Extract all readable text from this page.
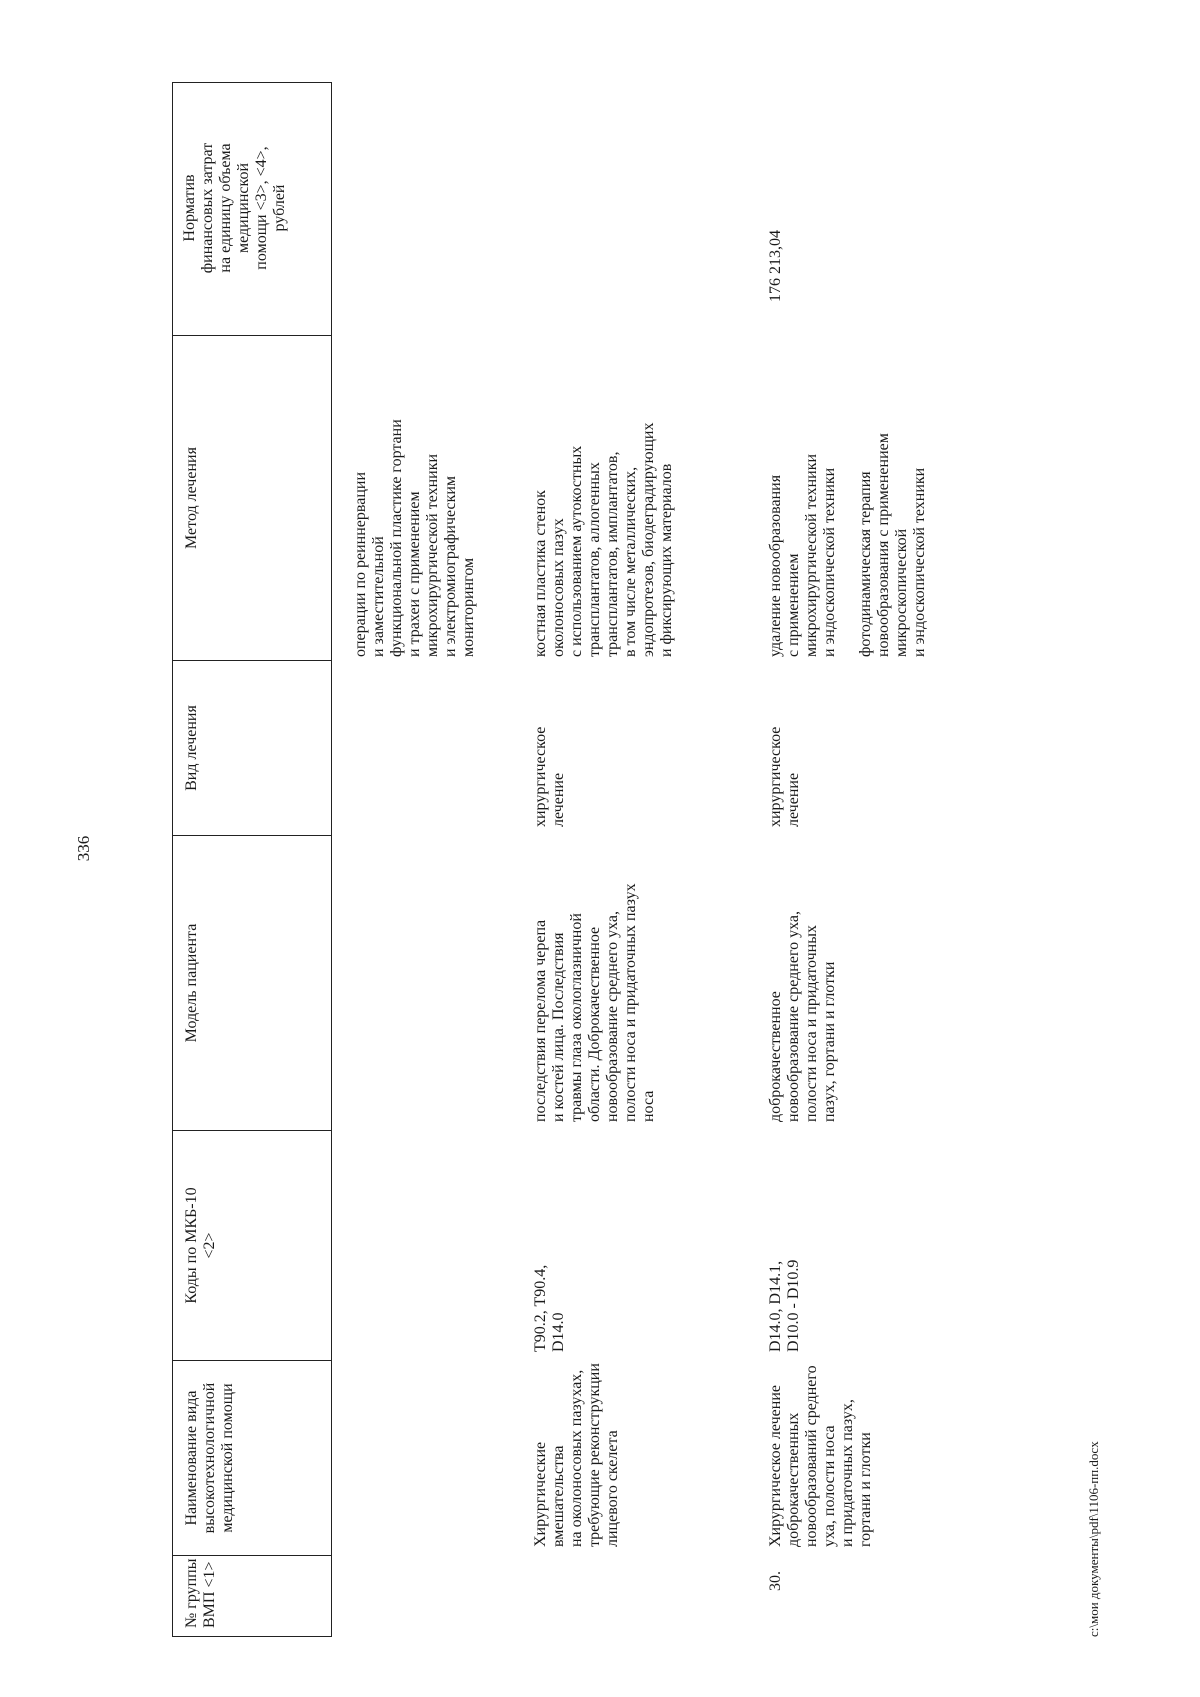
336
№ группы
ВМП <1>
Наименование вида
высокотехнологичной
медицинской помощи
Коды по МКБ-10
<2>
Модель пациента
Вид лечения
Метод лечения
Норматив
финансовых затрат
на единицу объема
медицинской
помощи <3>, <4>,
рублей
операции по реиннервации
и заместительной
функциональной пластике гортани
и трахеи с применением
микрохирургической техники
и электромиографическим
мониторингом
Хирургические
вмешательства
на околоносовых пазухах,
требующие реконструкции
лицевого скелета
T90.2, T90.4,
D14.0
последствия перелома черепа
и костей лица. Последствия
травмы глаза окологлазничной
области. Доброкачественное
новообразование среднего уха,
полости носа и придаточных пазух
носа
хирургическое
лечение
костная пластика стенок
околоносовых пазух
с использованием аутокостных
трансплантатов, аллогенных
трансплантатов, имплантатов,
в том числе металлических,
эндопротезов, биодеградирующих
и фиксирующих материалов
30.
Хирургическое лечение
доброкачественных
новообразований среднего
уха, полости носа
и придаточных пазух,
гортани и глотки
D14.0, D14.1,
D10.0 - D10.9
доброкачественное
новообразование среднего уха,
полости носа и придаточных
пазух, гортани и глотки
хирургическое
лечение
удаление новообразования
с применением
микрохирургической техники
и эндоскопической техники

фотодинамическая терапия
новообразования с применением
микроскопической
и эндоскопической техники
176 213,04
c:\мои документы\pdf\1106-пп.docx
